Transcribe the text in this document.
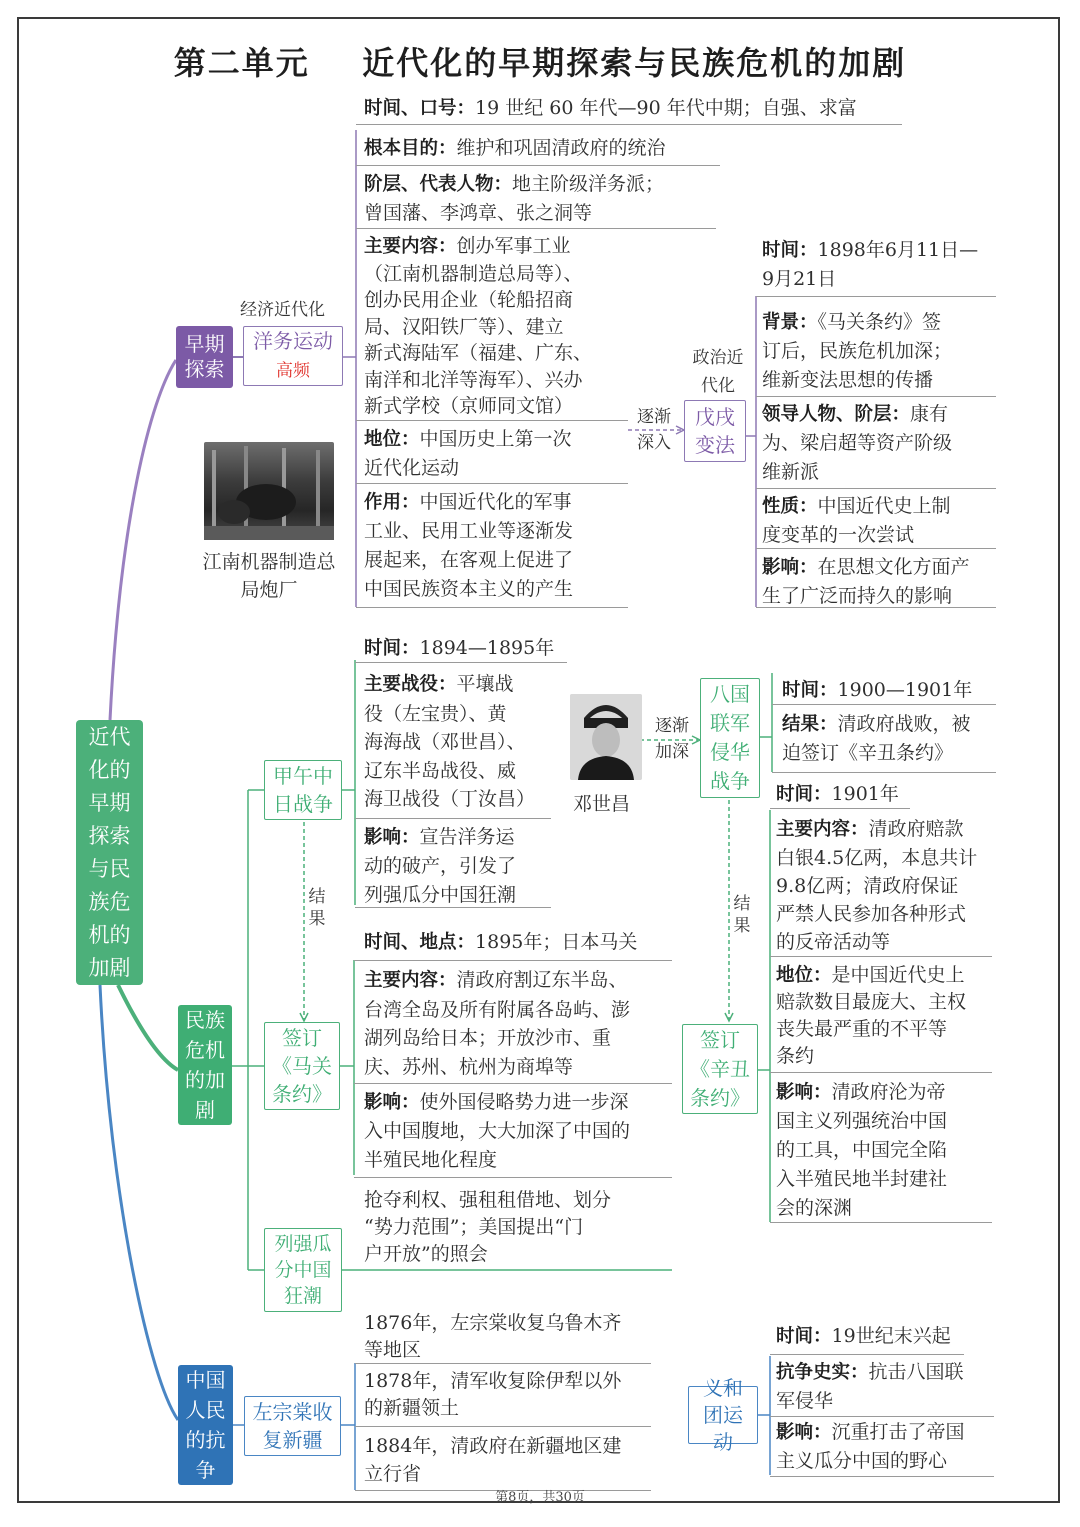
第二单元    近代化的早期探索与民族危机的加剧
近代化的早期探索与民族危机的加剧
早期探索
民族危机的加剧
中国人民的抗争
经济近代化
政治近代化
逐渐深入
逐渐加深
结果
结果
洋务运动高频
戊戌变法
甲午中日战争
签订《马关条约》
列强瓜分中国狂潮
左宗棠收复新疆
八国联军侵华战争
签订《辛丑条约》
义和团运动
江南机器制造总局炮厂
邓世昌
时间、口号：19 世纪 60 年代—90 年代中期；自强、求富
根本目的：维护和巩固清政府的统治
阶层、代表人物：地主阶级洋务派；
曾国藩、李鸿章、张之洞等
主要内容：创办军事工业
（江南机器制造总局等）、
创办民用企业（轮船招商
局、汉阳铁厂等）、建立
新式海陆军（福建、广东、
南洋和北洋等海军）、兴办
新式学校（京师同文馆）
地位：中国历史上第一次
近代化运动
作用：中国近代化的军事
工业、民用工业等逐渐发
展起来，在客观上促进了
中国民族资本主义的产生
时间：1898年6月11日—
9月21日
背景：《马关条约》签
订后，民族危机加深；
维新变法思想的传播
领导人物、阶层：康有
为、梁启超等资产阶级
维新派
性质：中国近代史上制
度变革的一次尝试
影响：在思想文化方面产
生了广泛而持久的影响
时间：1894—1895年
主要战役：平壤战
役（左宝贵）、黄
海海战（邓世昌）、
辽东半岛战役、威
海卫战役（丁汝昌）
影响：宣告洋务运
动的破产，引发了
列强瓜分中国狂潮
时间、地点：1895年；日本马关
主要内容：清政府割辽东半岛、
台湾全岛及所有附属各岛屿、澎
湖列岛给日本；开放沙市、重
庆、苏州、杭州为商埠等
影响：使外国侵略势力进一步深
入中国腹地，大大加深了中国的
半殖民地化程度
抢夺利权、强租租借地、划分
“势力范围”；美国提出“门
户开放”的照会
1876年，左宗棠收复乌鲁木齐
等地区
1878年，清军收复除伊犁以外
的新疆领土
1884年，清政府在新疆地区建
立行省
时间：1900—1901年
结果：清政府战败，被
迫签订《辛丑条约》
时间：1901年
主要内容：清政府赔款
白银4.5亿两，本息共计
9.8亿两；清政府保证
严禁人民参加各种形式
的反帝活动等
地位：是中国近代史上
赔款数目最庞大、主权
丧失最严重的不平等
条约
影响：清政府沦为帝
国主义列强统治中国
的工具，中国完全陷
入半殖民地半封建社
会的深渊
时间：19世纪末兴起
抗争史实：抗击八国联
军侵华
影响：沉重打击了帝国
主义瓜分中国的野心
第8页，共30页
